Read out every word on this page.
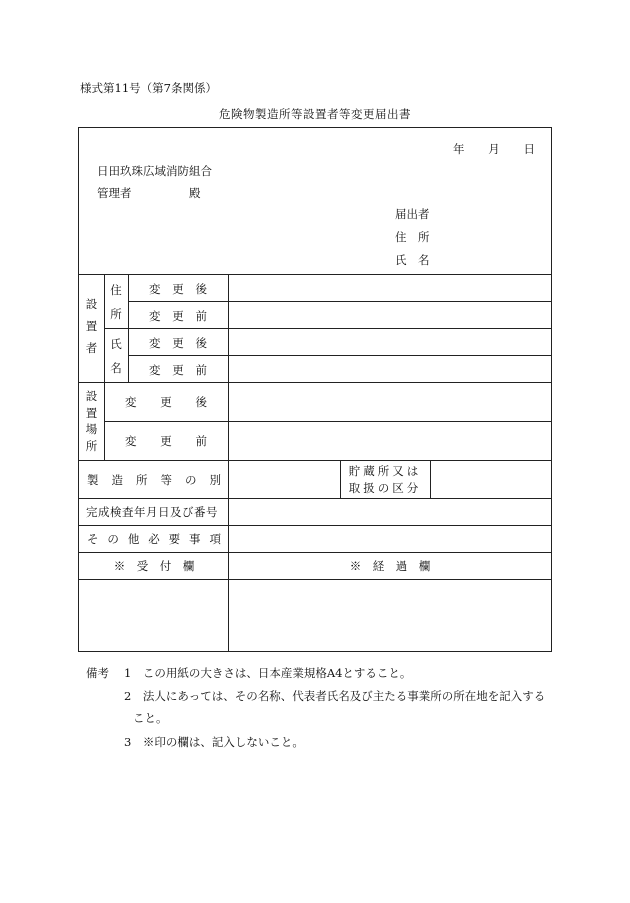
様式第11号（第7条関係）
危険物製造所等設置者等変更届出書
年 月 日
日田玖珠広域消防組合
管理者	殿
届出者
住　所
氏　名
設
置
者
住
所
氏
名
変 更 後
変 更 前
変 更 後
変 更 前
設
置
場
所
変 更 後
変 更 前
製 造 所 等 の 別
貯蔵所又は
取扱の区分
完成検査年月日及び番号
そ の 他 必 要 事 項
※　受　付　欄	※　経　過　欄
備考 1　この用紙の大きさは、日本産業規格A4とすること。
2　法人にあっては、その名称、代表者氏名及び主たる事業所の所在地を記入する
こと。
3　※印の欄は、記入しないこと。
